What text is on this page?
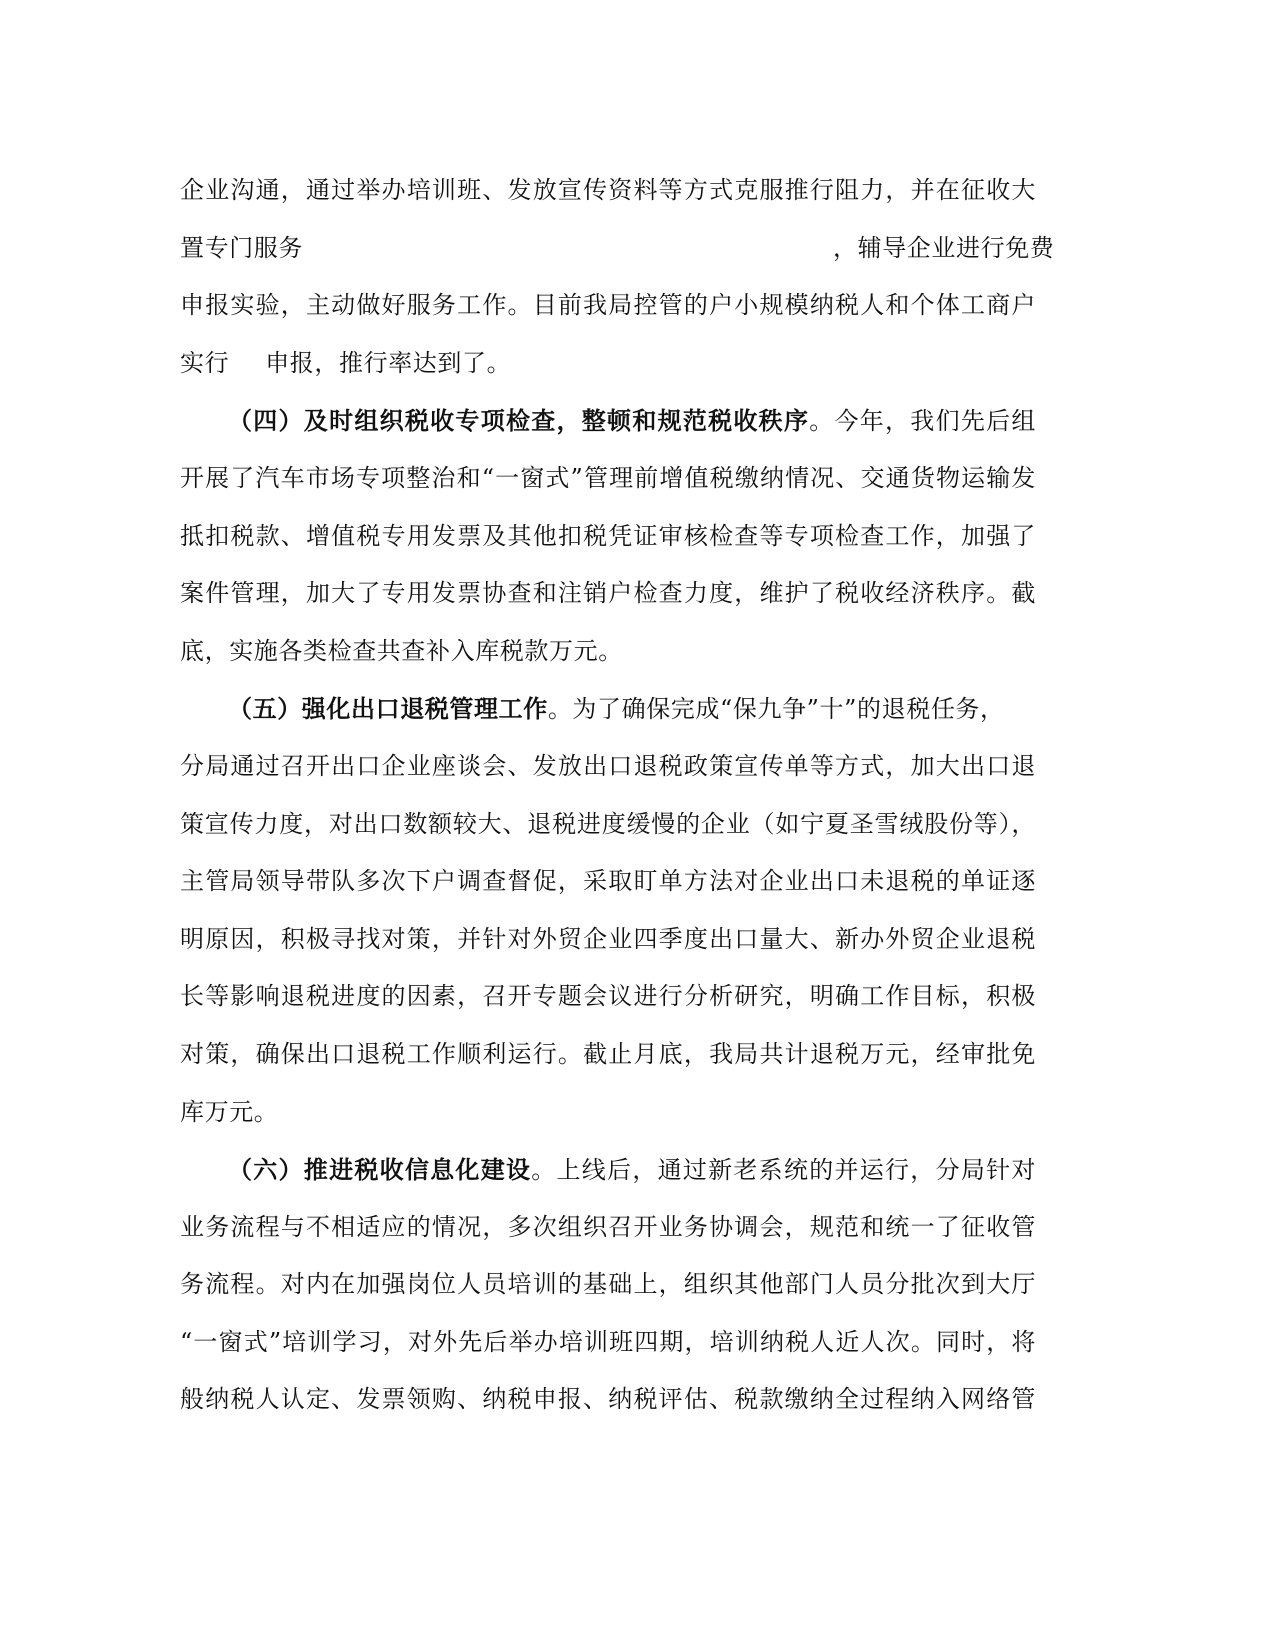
企业沟通，通过举办培训班、发放宣传资料等方式克服推行阻力，并在征收大
置专门服务	，辅导企业进行免费
申报实验，主动做好服务工作。目前我局控管的户小规模纳税人和个体工商户
实行 申报，推行率达到了。
（四）及时组织税收专项检查，整顿和规范税收秩序。今年，我们先后组
开展了汽车市场专项整治和“一窗式”管理前增值税缴纳情况、交通货物运输发
抵扣税款、增值税专用发票及其他扣税凭证审核检查等专项检查工作，加强了
案件管理，加大了专用发票协查和注销户检查力度，维护了税收经济秩序。截
底，实施各类检查共查补入库税款万元。
（五）强化出口退税管理工作。为了确保完成“保九争”十”的退税任务，
分局通过召开出口企业座谈会、发放出口退税政策宣传单等方式，加大出口退
策宣传力度，对出口数额较大、退税进度缓慢的企业（如宁夏圣雪绒股份等），
主管局领导带队多次下户调查督促，采取盯单方法对企业出口未退税的单证逐
明原因，积极寻找对策，并针对外贸企业四季度出口量大、新办外贸企业退税
长等影响退税进度的因素，召开专题会议进行分析研究，明确工作目标，积极
对策，确保出口退税工作顺利运行。截止月底，我局共计退税万元，经审批免
库万元。
（六）推进税收信息化建设。上线后，通过新老系统的并运行，分局针对
业务流程与不相适应的情况，多次组织召开业务协调会，规范和统一了征收管
务流程。对内在加强岗位人员培训的基础上，组织其他部门人员分批次到大厅
“一窗式”培训学习，对外先后举办培训班四期，培训纳税人近人次。同时，将
般纳税人认定、发票领购、纳税申报、纳税评估、税款缴纳全过程纳入网络管
